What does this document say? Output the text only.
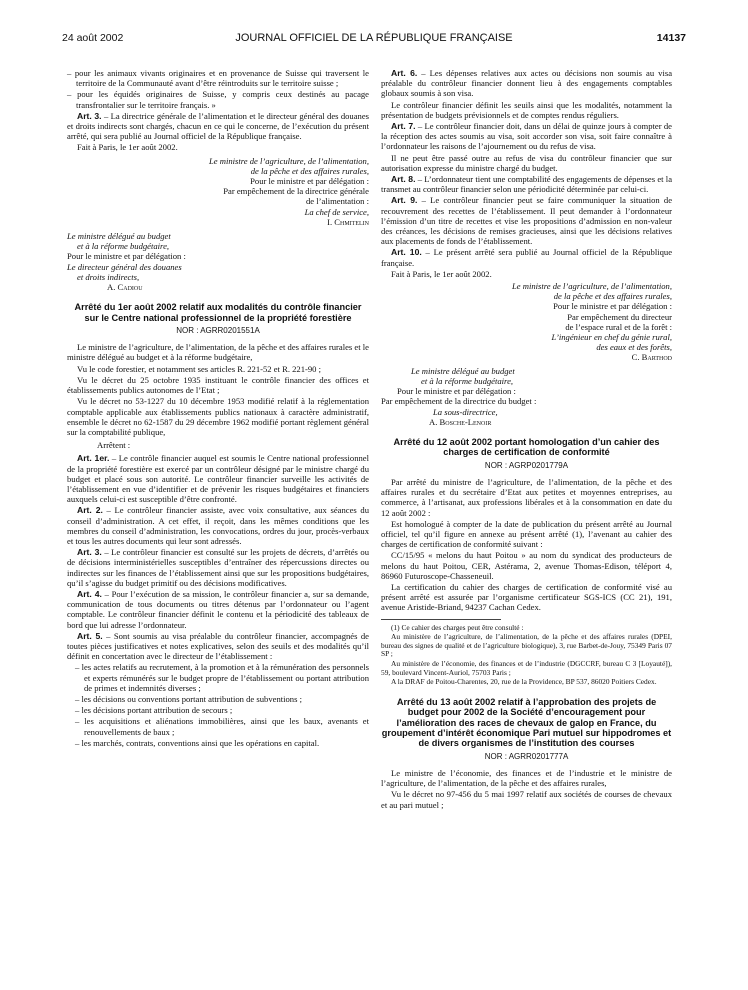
24 août 2002	JOURNAL OFFICIEL DE LA RÉPUBLIQUE FRANÇAISE	14137

– pour les animaux vivants originaires et en provenance de Suisse qui traversent le territoire de la Communauté avant d’être réintroduits sur le territoire suisse ;

– pour les équidés originaires de Suisse, y compris ceux destinés au pacage transfrontalier sur le territoire français. »

Art. 3. – La directrice générale de l’alimentation et le directeur général des douanes et droits indirects sont chargés, chacun en ce qui le concerne, de l’exécution du présent arrêté, qui sera publié au Journal officiel de la République française.

Fait à Paris, le 1er août 2002.

Le ministre de l’agriculture, de l’alimentation,
de la pêche et des affaires rurales,
Pour le ministre et par délégation :
Par empêchement de la directrice générale
de l’alimentation :
La chef de service,
I. Chmitelin
Le ministre délégué au budget
et à la réforme budgétaire,
Pour le ministre et par délégation :
Le directeur général des douanes
et droits indirects,
A. Cadiou
Arrêté du 1er août 2002 relatif aux modalités du contrôle financier sur le Centre national professionnel de la propriété forestière
NOR : AGRR0201551A

Le ministre de l’agriculture, de l’alimentation, de la pêche et des affaires rurales et le ministre délégué au budget et à la réforme budgétaire,

Vu le code forestier, et notamment ses articles R. 221-52 et R. 221-90 ;

Vu le décret du 25 octobre 1935 instituant le contrôle financier des offices et établissements publics autonomes de l’Etat ;

Vu le décret no 53-1227 du 10 décembre 1953 modifié relatif à la réglementation comptable applicable aux établissements publics nationaux à caractère administratif, ensemble le décret no 62-1587 du 29 décembre 1962 modifié portant règlement général sur la comptabilité publique,

Arrêtent :

Art. 1er. – Le contrôle financier auquel est soumis le Centre national professionnel de la propriété forestière est exercé par un contrôleur désigné par le ministre chargé du budget et placé sous son autorité. Le contrôleur financier surveille les activités de l’établissement en vue d’identifier et de prévenir les risques budgétaires et financiers auxquels celui-ci est susceptible d’être confronté.

Art. 2. – Le contrôleur financier assiste, avec voix consultative, aux séances du conseil d’administration. A cet effet, il reçoit, dans les mêmes conditions que les membres du conseil d’administration, les convocations, ordres du jour, procès-verbaux et tous les autres documents qui leur sont adressés.

Art. 3. – Le contrôleur financier est consulté sur les projets de décrets, d’arrêtés ou de décisions interministérielles susceptibles d’entraîner des répercussions directes ou indirectes sur les finances de l’établissement ainsi que sur les propositions budgétaires, qu’il s’agisse du budget primitif ou des décisions modificatives.

Art. 4. – Pour l’exécution de sa mission, le contrôleur financier a, sur sa demande, communication de tous documents ou titres détenus par l’ordonnateur ou l’agent comptable. Le contrôleur financier définit le contenu et la périodicité des tableaux de bord que lui adresse l’ordonnateur.

Art. 5. – Sont soumis au visa préalable du contrôleur financier, accompagnés de toutes pièces justificatives et notes explicatives, selon des seuils et des modalités qu’il définit en concertation avec le directeur de l’établissement :

– les actes relatifs au recrutement, à la promotion et à la rémunération des personnels et experts rémunérés sur le budget propre de l’établissement ou portant attribution de primes et indemnités diverses ;

– les décisions ou conventions portant attribution de subventions ;

– les décisions portant attribution de secours ;

– les acquisitions et aliénations immobilières, ainsi que les baux, avenants et renouvellements de baux ;

– les marchés, contrats, conventions ainsi que les opérations en capital.

Art. 6. – Les dépenses relatives aux actes ou décisions non soumis au visa préalable du contrôleur financier donnent lieu à des engagements comptables globaux soumis à son visa.

Le contrôleur financier définit les seuils ainsi que les modalités, notamment la présentation de budgets prévisionnels et de comptes rendus réguliers.

Art. 7. – Le contrôleur financier doit, dans un délai de quinze jours à compter de la réception des actes soumis au visa, soit accorder son visa, soit faire connaître à l’ordonnateur les raisons de l’ajournement ou du refus de visa.

Il ne peut être passé outre au refus de visa du contrôleur financier que sur autorisation expresse du ministre chargé du budget.

Art. 8. – L’ordonnateur tient une comptabilité des engagements de dépenses et la transmet au contrôleur financier selon une périodicité déterminée par celui-ci.

Art. 9. – Le contrôleur financier peut se faire communiquer la situation de recouvrement des recettes de l’établissement. Il peut demander à l’ordonnateur l’émission d’un titre de recettes et vise les propositions d’admission en non-valeur des créances, les décisions de remises gracieuses, ainsi que les décisions relatives aux placements de fonds de l’établissement.

Art. 10. – Le présent arrêté sera publié au Journal officiel de la République française.

Fait à Paris, le 1er août 2002.

Le ministre de l’agriculture, de l’alimentation,
de la pêche et des affaires rurales,
Pour le ministre et par délégation :
Par empêchement du directeur
de l’espace rural et de la forêt :
L’ingénieur en chef du génie rural,
des eaux et des forêts,
C. Barthod
Le ministre délégué au budget
et à la réforme budgétaire,
Pour le ministre et par délégation :
Par empêchement de la directrice du budget :
La sous-directrice,
A. Bosche-Lenoir
Arrêté du 12 août 2002 portant homologation d’un cahier des charges de certification de conformité
NOR : AGRP0201779A

Par arrêté du ministre de l’agriculture, de l’alimentation, de la pêche et des affaires rurales et du secrétaire d’Etat aux petites et moyennes entreprises, au commerce, à l’artisanat, aux professions libérales et à la consommation en date du 12 août 2002 :

Est homologué à compter de la date de publication du présent arrêté au Journal officiel, tel qu’il figure en annexe au présent arrêté (1), l’avenant au cahier des charges de certification de conformité suivant :

CC/15/95 « melons du haut Poitou » au nom du syndicat des producteurs de melons du haut Poitou, CER, Astérama, 2, avenue Thomas-Edison, téléport 4, 86960 Futuroscope-Chasseneuil.

La certification du cahier des charges de certification de conformité visé au présent arrêté est assurée par l’organisme certificateur SGS-ICS (CC 21), 191, avenue Aristide-Briand, 94237 Cachan Cedex.

(1) Ce cahier des charges peut être consulté :

Au ministère de l’agriculture, de l’alimentation, de la pêche et des affaires rurales (DPEI, bureau des signes de qualité et de l’agriculture biologique), 3, rue Barbet-de-Jouy, 75349 Paris 07 SP ;

Au ministère de l’économie, des finances et de l’industrie (DGCCRF, bureau C 3 [Loyauté]), 59, boulevard Vincent-Auriol, 75703 Paris ;

A la DRAF de Poitou-Charentes, 20, rue de la Providence, BP 537, 86020 Poitiers Cedex.

Arrêté du 13 août 2002 relatif à l’approbation des projets de budget pour 2002 de la Société d’encouragement pour l’amélioration des races de chevaux de galop en France, du groupement d’intérêt économique Pari mutuel sur hippodromes et de divers organismes de l’institution des courses
NOR : AGRR0201777A

Le ministre de l’économie, des finances et de l’industrie et le ministre de l’agriculture, de l’alimentation, de la pêche et des affaires rurales,

Vu le décret no 97-456 du 5 mai 1997 relatif aux sociétés de courses de chevaux et au pari mutuel ;
